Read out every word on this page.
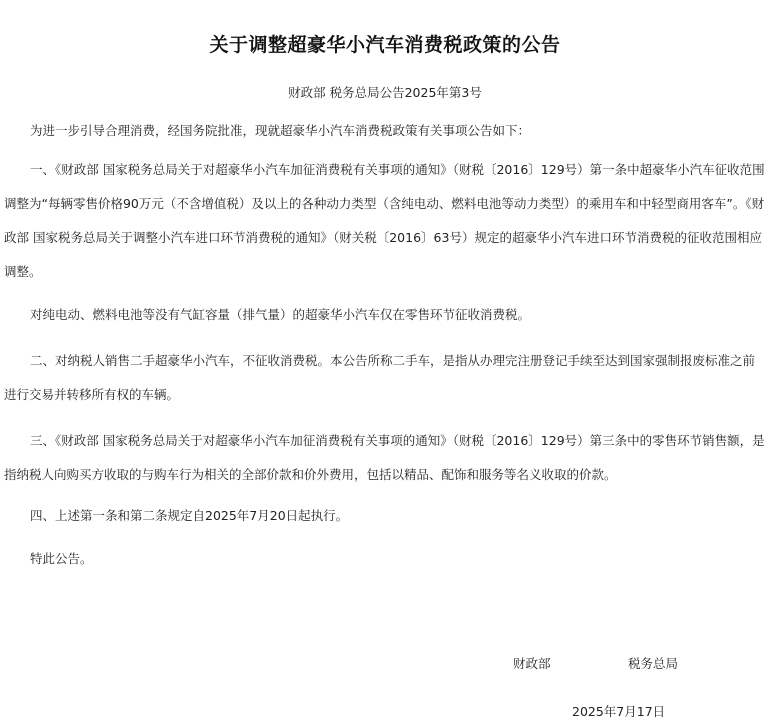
关于调整超豪华小汽车消费税政策的公告
财政部 税务总局公告2025年第3号

为进一步引导合理消费，经国务院批准，现就超豪华小汽车消费税政策有关事项公告如下：

一、《财政部 国家税务总局关于对超豪华小汽车加征消费税有关事项的通知》（财税〔2016〕129号）第一条中超豪华小汽车征收范围调整为“每辆零售价格90万元（不含增值税）及以上的各种动力类型（含纯电动、燃料电池等动力类型）的乘用车和中轻型商用客车”。《财政部 国家税务总局关于调整小汽车进口环节消费税的通知》（财关税〔2016〕63号）规定的超豪华小汽车进口环节消费税的征收范围相应调整。

对纯电动、燃料电池等没有气缸容量（排气量）的超豪华小汽车仅在零售环节征收消费税。

二、对纳税人销售二手超豪华小汽车，不征收消费税。本公告所称二手车，是指从办理完注册登记手续至达到国家强制报废标准之前进行交易并转移所有权的车辆。

三、《财政部 国家税务总局关于对超豪华小汽车加征消费税有关事项的通知》（财税〔2016〕129号）第三条中的零售环节销售额，是指纳税人向购买方收取的与购车行为相关的全部价款和价外费用，包括以精品、配饰和服务等名义收取的价款。

四、上述第一条和第二条规定自2025年7月20日起执行。

特此公告。

财政部	税务总局
2025年7月17日
